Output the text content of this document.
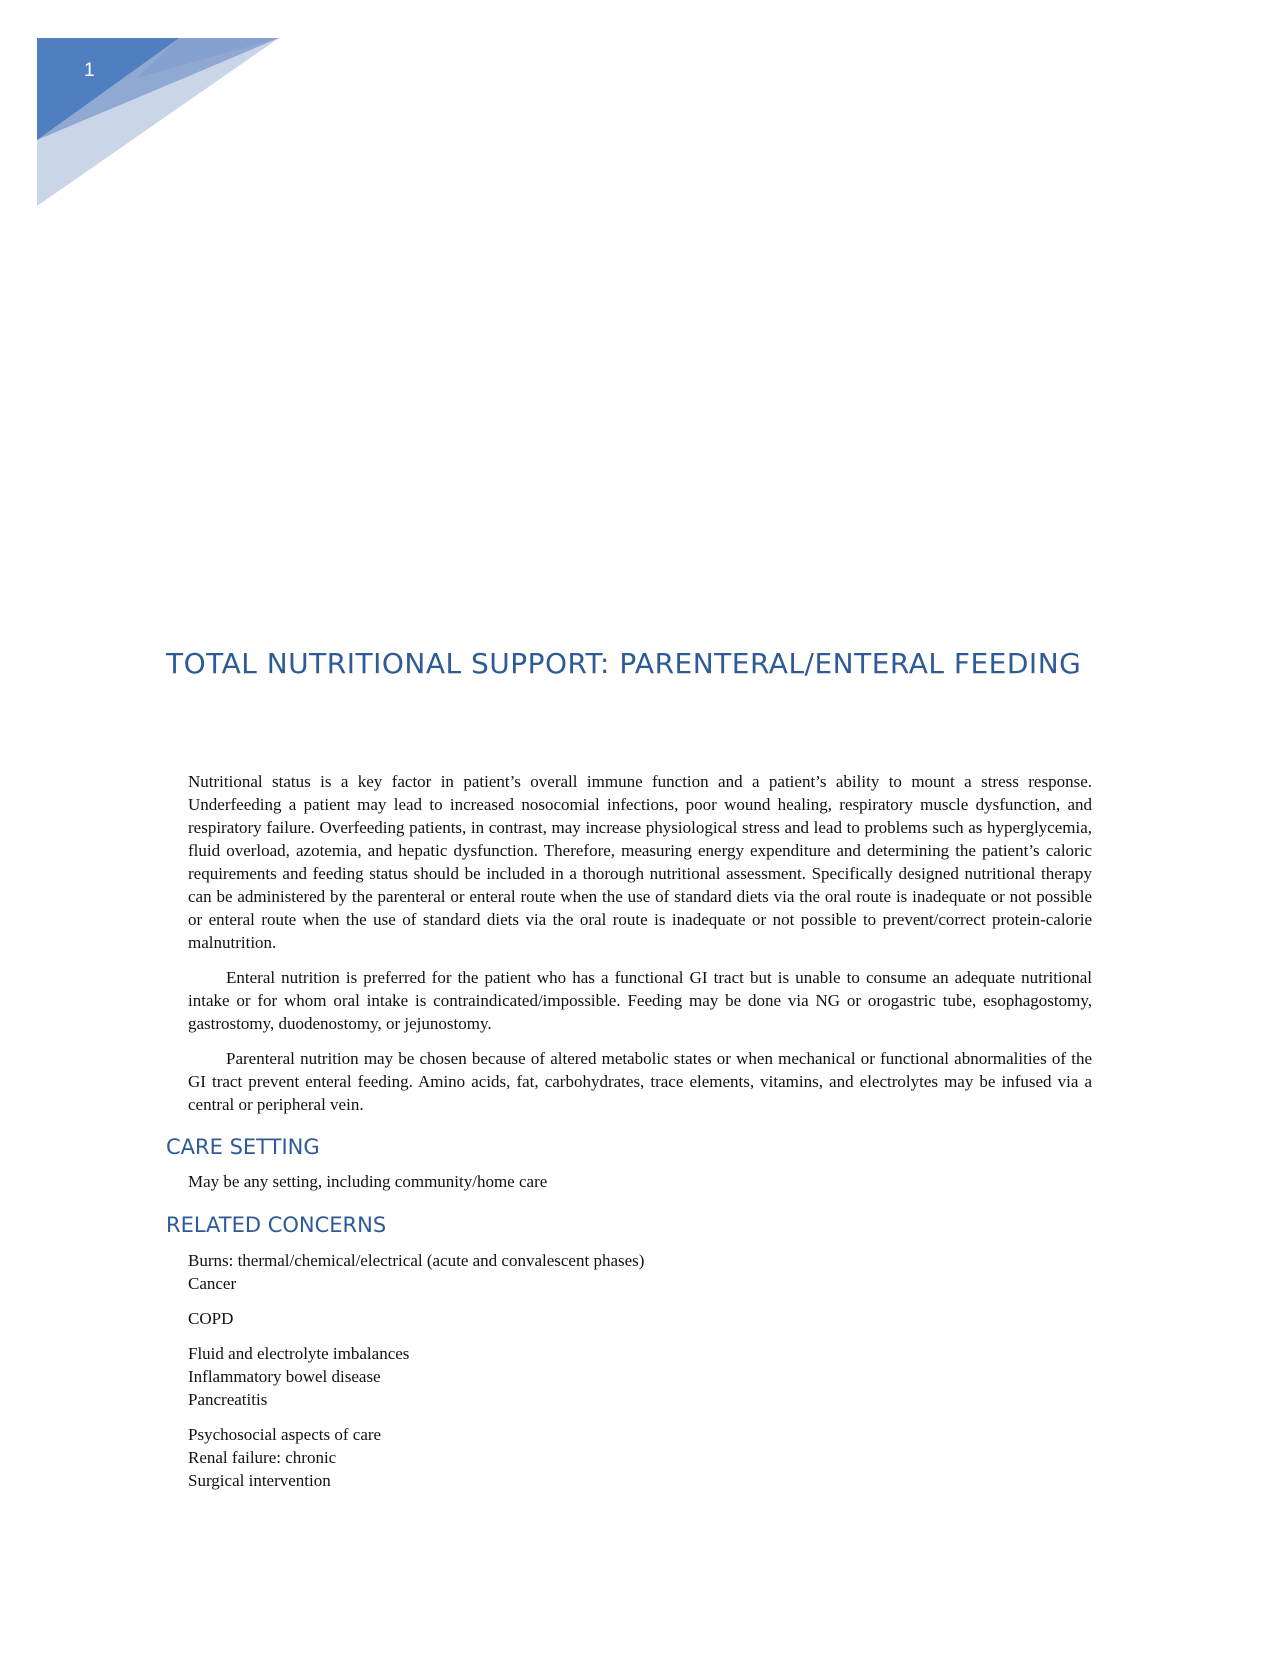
1
TOTAL NUTRITIONAL SUPPORT: PARENTERAL/ENTERAL FEEDING

Nutritional status is a key factor in patient’s overall immune function and a patient’s ability to mount a stress response. Underfeeding a patient may lead to increased nosocomial infections, poor wound healing, respiratory muscle dysfunction, and respiratory failure. Overfeeding patients, in contrast, may increase physiological stress and lead to problems such as hyperglycemia, fluid overload, azotemia, and hepatic dysfunction. Therefore, measuring energy expenditure and determining the patient’s caloric requirements and feeding status should be included in a thorough nutritional assessment. Specifically designed nutritional therapy can be administered by the parenteral or enteral route when the use of standard diets via the oral route is inadequate or not possible or enteral route when the use of standard diets via the oral route is inadequate or not possible to prevent/correct protein-calorie malnutrition.

Enteral nutrition is preferred for the patient who has a functional GI tract but is unable to consume an adequate nutritional intake or for whom oral intake is contraindicated/impossible. Feeding may be done via NG or orogastric tube, esophagostomy, gastrostomy, duodenostomy, or jejunostomy.

Parenteral nutrition may be chosen because of altered metabolic states or when mechanical or functional abnormalities of the GI tract prevent enteral feeding. Amino acids, fat, carbohydrates, trace elements, vitamins, and electrolytes may be infused via a central or peripheral vein.

CARE SETTING
May be any setting, including community/home care
RELATED CONCERNS
Burns: thermal/chemical/electrical (acute and convalescent phases)
Cancer
COPD
Fluid and electrolyte imbalances
Inflammatory bowel disease
Pancreatitis
Psychosocial aspects of care
Renal failure: chronic
Surgical intervention
